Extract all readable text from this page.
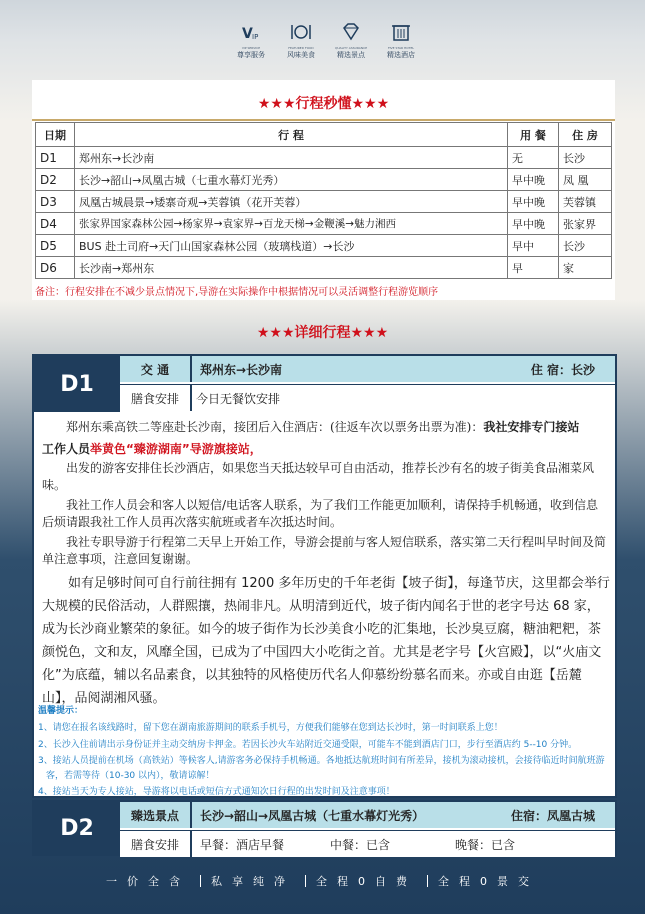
V IP
VIP SERVICE
尊享服务
FEATURED FOOD
风味美食
QUALITY ASSURANCE
精选景点
FIVE STAR HOTEL
精选酒店
★★★行程秒懂★★★
日期	行 程	用 餐	住 房
D1	郑州东→长沙南	无	长沙
D2	长沙→韶山→凤凰古城（七重水幕灯光秀）	早中晚	凤 凰
D3	凤凰古城晨景→矮寨奇观→芙蓉镇（花开芙蓉）	早中晚	芙蓉镇
D4	张家界国家森林公园→杨家界→袁家界→百龙天梯→金鞭溪→魅力湘西	早中晚	张家界
D5	BUS 赴土司府→天门山国家森林公园（玻璃栈道）→长沙	早中	长沙
D6	长沙南→郑州东	早	家
备注：行程安排在不减少景点情况下,导游在实际操作中根据情况可以灵活调整行程游览顺序
★★★详细行程★★★
D1
交 通	郑州东→长沙南	住 宿：长沙
膳食安排	今日无餐饮安排

郑州东乘高铁二等座赴长沙南，接团后入住酒店：(往返车次以票务出票为准)：我社安排专门接站

工作人员举黄色“臻游湖南”导游旗接站，

出发的游客安排住长沙酒店，如果您当天抵达较早可自由活动，推荐长沙有名的坡子街美食品湘菜风味。

我社工作人员会和客人以短信/电话客人联系，为了我们工作能更加顺利，请保持手机畅通，收到信息后烦请跟我社工作人员再次落实航班或者车次抵达时间。

我社专职导游于行程第二天早上开始工作，导游会提前与客人短信联系，落实第二天行程叫早时间及简单注意事项，注意回复谢谢。

如有足够时间可自行前往拥有 1200 多年历史的千年老街【坡子街】，每逢节庆，这里都会举行大规模的民俗活动，人群熙攘，热闹非凡。从明清到近代，坡子街内闻名于世的老字号达 68 家，成为长沙商业繁荣的象征。如今的坡子街作为长沙美食小吃的汇集地，长沙臭豆腐，糖油粑粑，茶颜悦色，文和友，风靡全国，已成为了中国四大小吃街之首。尤其是老字号【火宫殿】，以“火庙文化”为底蕴，辅以名品素食，以其独特的风格使历代名人仰慕纷纷慕名而来。亦或自由逛【岳麓山】，品阅湖湘风骚。

温馨提示：
1、请您在报名该线路时，留下您在湖南旅游期间的联系手机号，方便我们能够在您到达长沙时，第一时间联系上您！
2、长沙入住前请出示身份证并主动交纳房卡押金。若因长沙火车站附近交通受限，可能车不能到酒店门口，步行至酒店约 5--10 分钟。
3、接站人员提前在机场（高铁站）等候客人,请游客务必保持手机畅通。各地抵达航班时间有所差异，接机为滚动接机，会接待临近时间航班游客，若需等待（10-30 以内），敬请谅解！
4、接站当天为专人接站，导游将以电话或短信方式通知次日行程的出发时间及注意事项！
D2	臻选景点	长沙→韶山→凤凰古城（七重水幕灯光秀）	住宿：凤凰古城
膳食安排	早餐：酒店早餐	中餐：已含	晚餐：已含
一价全含 私享纯净 全程0自费 全程0景交
